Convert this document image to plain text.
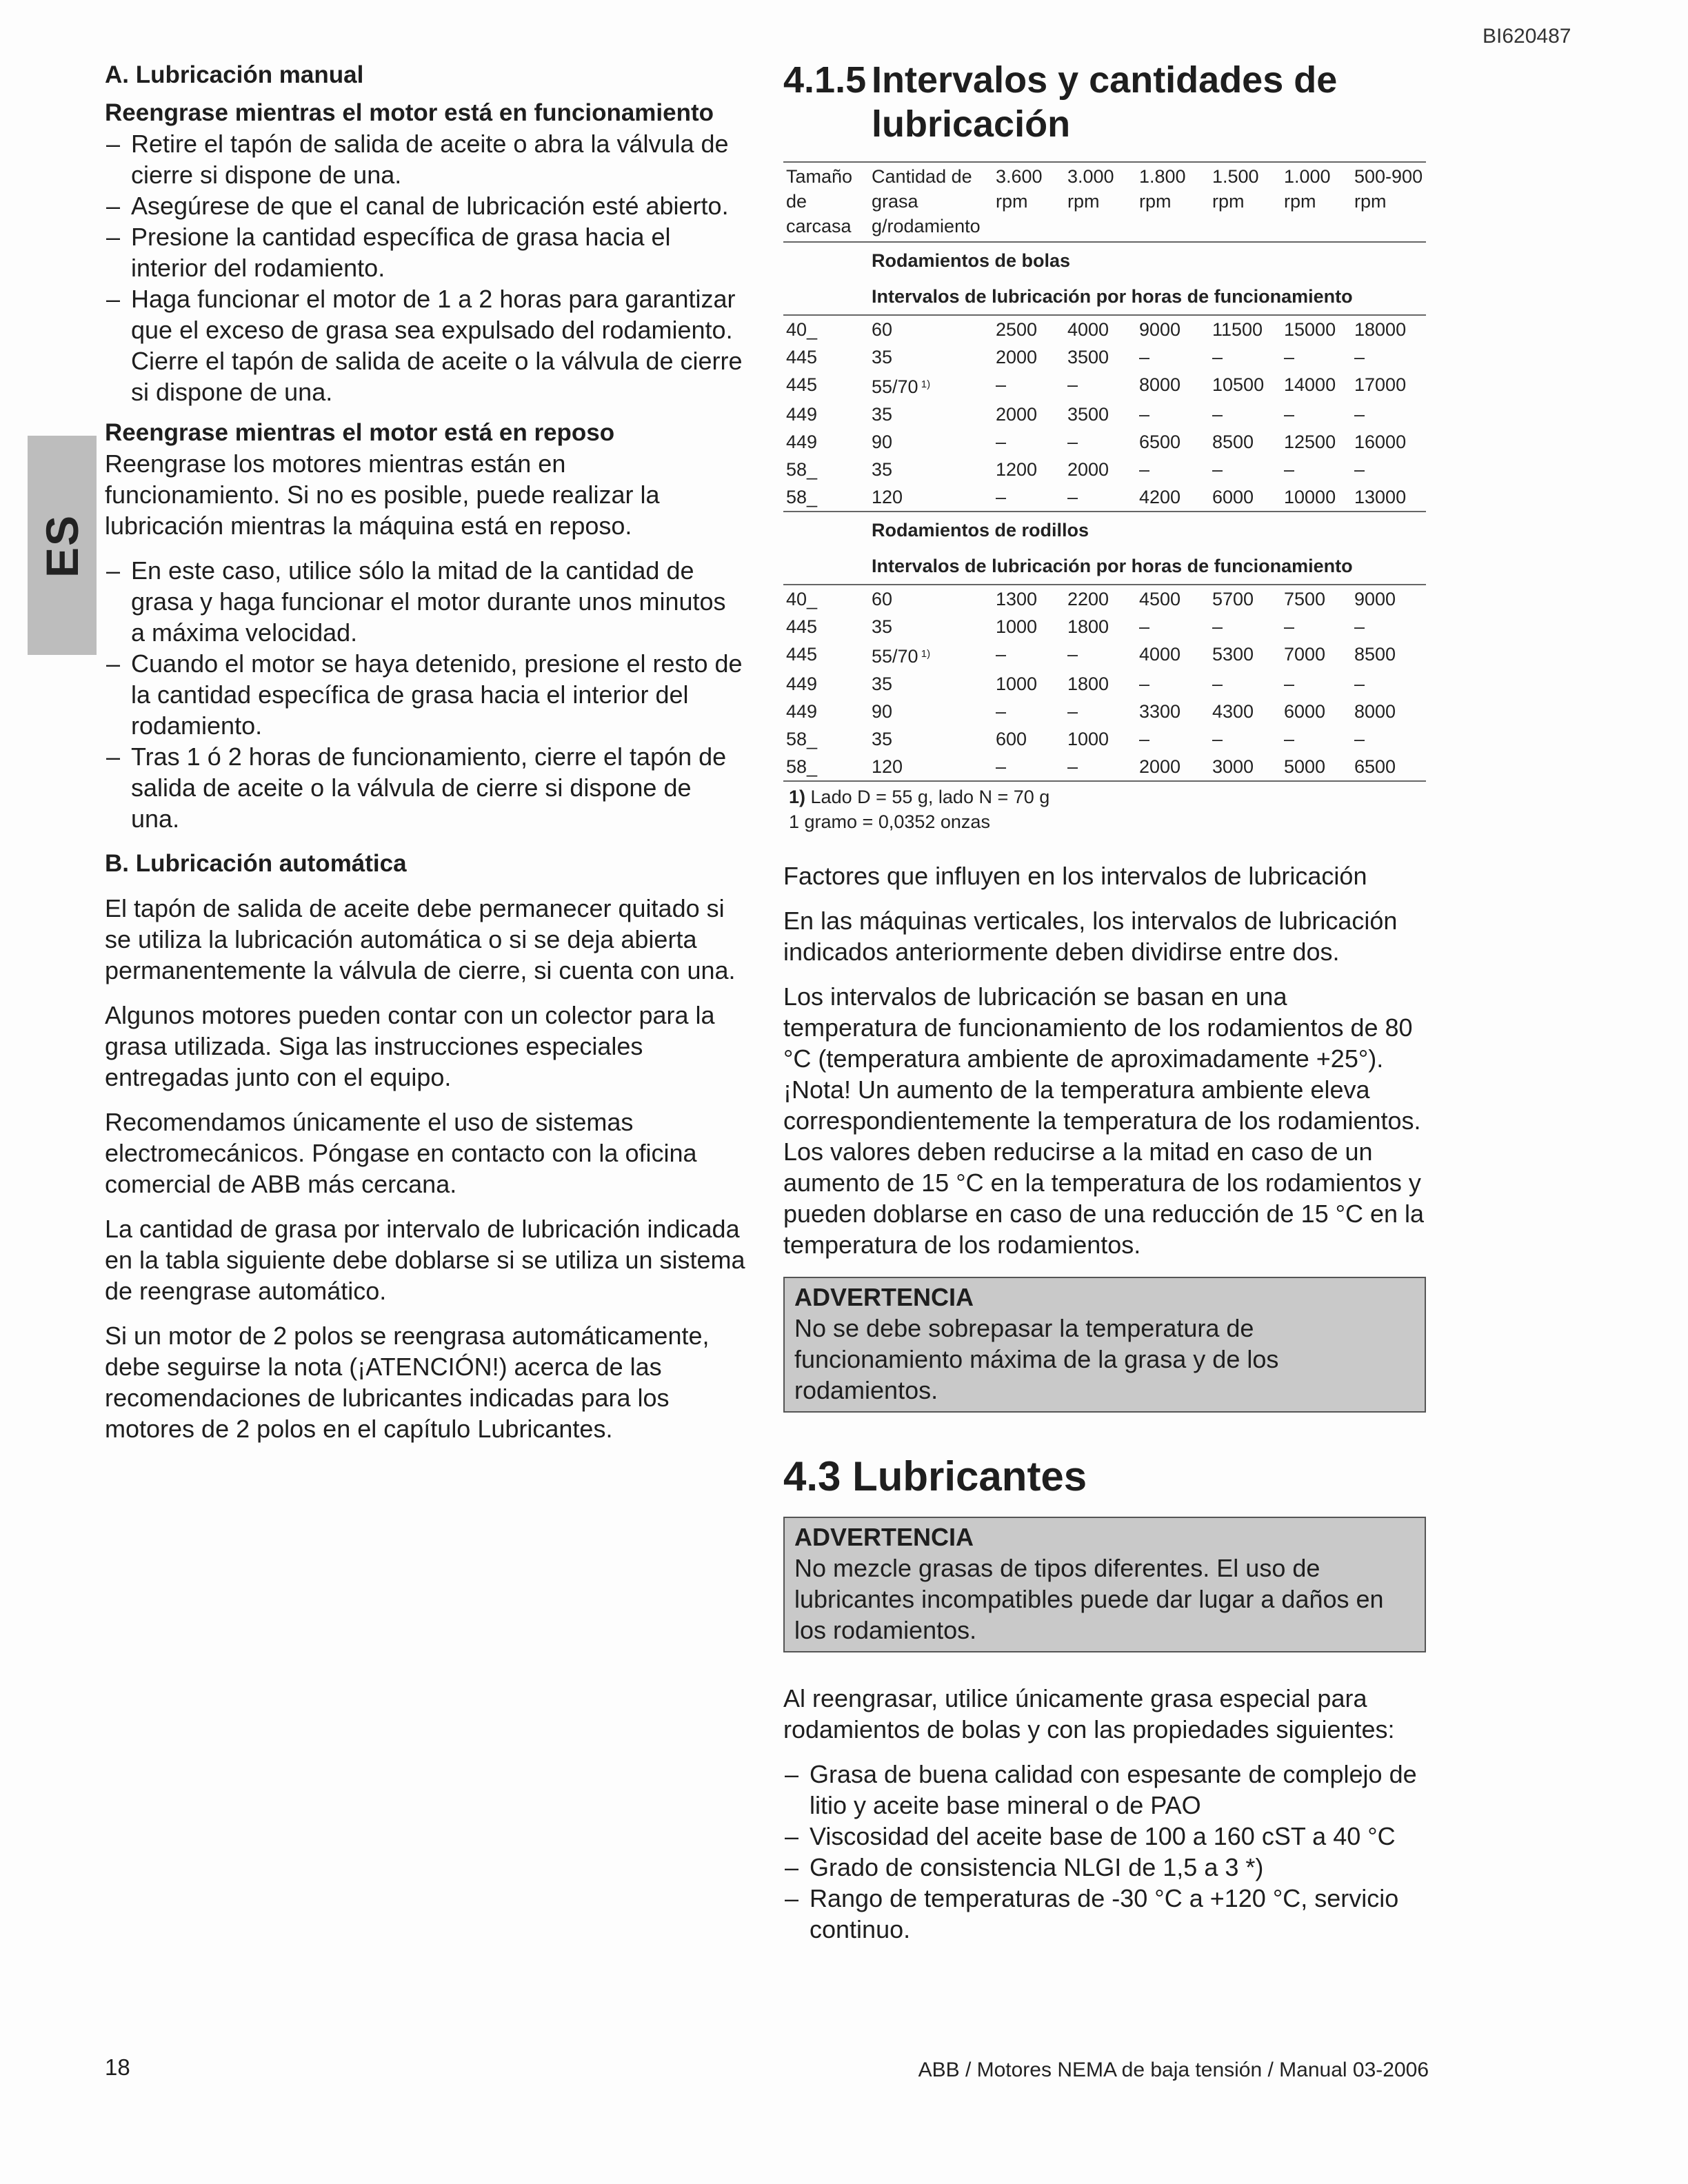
BI620487
ES

A. Lubricación manual

Reengrase mientras el motor está en funcionamiento

– Retire el tapón de salida de aceite o abra la válvula de cierre si dispone de una.
– Asegúrese de que el canal de lubricación esté abierto.
– Presione la cantidad específica de grasa hacia el interior del rodamiento.
– Haga funcionar el motor de 1 a 2 horas para garantizar que el exceso de grasa sea expulsado del rodamiento. Cierre el tapón de salida de aceite o la válvula de cierre si dispone de una.

Reengrase mientras el motor está en reposo

Reengrase los motores mientras están en funcionamiento. Si no es posible, puede realizar la lubricación mientras la máquina está en reposo.

– En este caso, utilice sólo la mitad de la cantidad de grasa y haga funcionar el motor durante unos minutos a máxima velocidad.
– Cuando el motor se haya detenido, presione el resto de la cantidad específica de grasa hacia el interior del rodamiento.
– Tras 1 ó 2 horas de funcionamiento, cierre el tapón de salida de aceite o la válvula de cierre si dispone de una.

B. Lubricación automática

El tapón de salida de aceite debe permanecer quitado si se utiliza la lubricación automática o si se deja abierta permanentemente la válvula de cierre, si cuenta con una.

Algunos motores pueden contar con un colector para la grasa utilizada. Siga las instrucciones especiales entregadas junto con el equipo.

Recomendamos únicamente el uso de sistemas electromecánicos. Póngase en contacto con la oficina comercial de ABB más cercana.

La cantidad de grasa por intervalo de lubricación indicada en la tabla siguiente debe doblarse si se utiliza un sistema de reengrase automático.

Si un motor de 2 polos se reengrasa automáticamente, debe seguirse la nota (¡ATENCIÓN!) acerca de las recomendaciones de lubricantes indicadas para los motores de 2 polos en el capítulo Lubricantes.

4.1.5 Intervalos y cantidades de
lubricación
Tamaño de carcasa	Cantidad de grasa g/rodamiento	3.600 rpm	3.000 rpm	1.800 rpm	1.500 rpm	1.000 rpm	500-900 rpm
	Rodamientos de bolas						
	Intervalos de lubricación por horas de funcionamiento						
40_	60	2500	4000	9000	11500	15000	18000
445	35	2000	3500	–	–	–	–
445	55/70 $^{1)}$	–	–	8000	10500	14000	17000
449	35	2000	3500	–	–	–	–
449	90	–	–	6500	8500	12500	16000
58_	35	1200	2000	–	–	–	–
58_	120	–	–	4200	6000	10000	13000
	Rodamientos de rodillos						
	Intervalos de lubricación por horas de funcionamiento						
40_	60	1300	2200	4500	5700	7500	9000
445	35	1000	1800	–	–	–	–
445	55/70 $^{1)}$	–	–	4000	5300	7000	8500
449	35	1000	1800	–	–	–	–
449	90	–	–	3300	4300	6000	8000
58_	35	600	1000	–	–	–	–
58_	120	–	–	2000	3000	5000	6500
1) Lado D = 55 g, lado N = 70 g
1 gramo = 0,0352 onzas

Factores que influyen en los intervalos de lubricación

En las máquinas verticales, los intervalos de lubricación indicados anteriormente deben dividirse entre dos.

Los intervalos de lubricación se basan en una temperatura de funcionamiento de los rodamientos de 80 °C (temperatura ambiente de aproximadamente +25°). ¡Nota! Un aumento de la temperatura ambiente eleva correspondientemente la temperatura de los rodamientos. Los valores deben reducirse a la mitad en caso de un aumento de 15 °C en la temperatura de los rodamientos y pueden doblarse en caso de una reducción de 15 °C en la temperatura de los rodamientos.

ADVERTENCIA
No se debe sobrepasar la temperatura de funcionamiento máxima de la grasa y de los rodamientos.
4.3 Lubricantes
ADVERTENCIA
No mezcle grasas de tipos diferentes. El uso de lubricantes incompatibles puede dar lugar a daños en los rodamientos.

Al reengrasar, utilice únicamente grasa especial para rodamientos de bolas y con las propiedades siguientes:

– Grasa de buena calidad con espesante de complejo de litio y aceite base mineral o de PAO
– Viscosidad del aceite base de 100 a 160 cST a 40 °C
– Grado de consistencia NLGI de 1,5 a 3 *)
– Rango de temperaturas de -30 °C a +120 °C, servicio continuo.
18	ABB / Motores NEMA de baja tensión / Manual 03-2006
